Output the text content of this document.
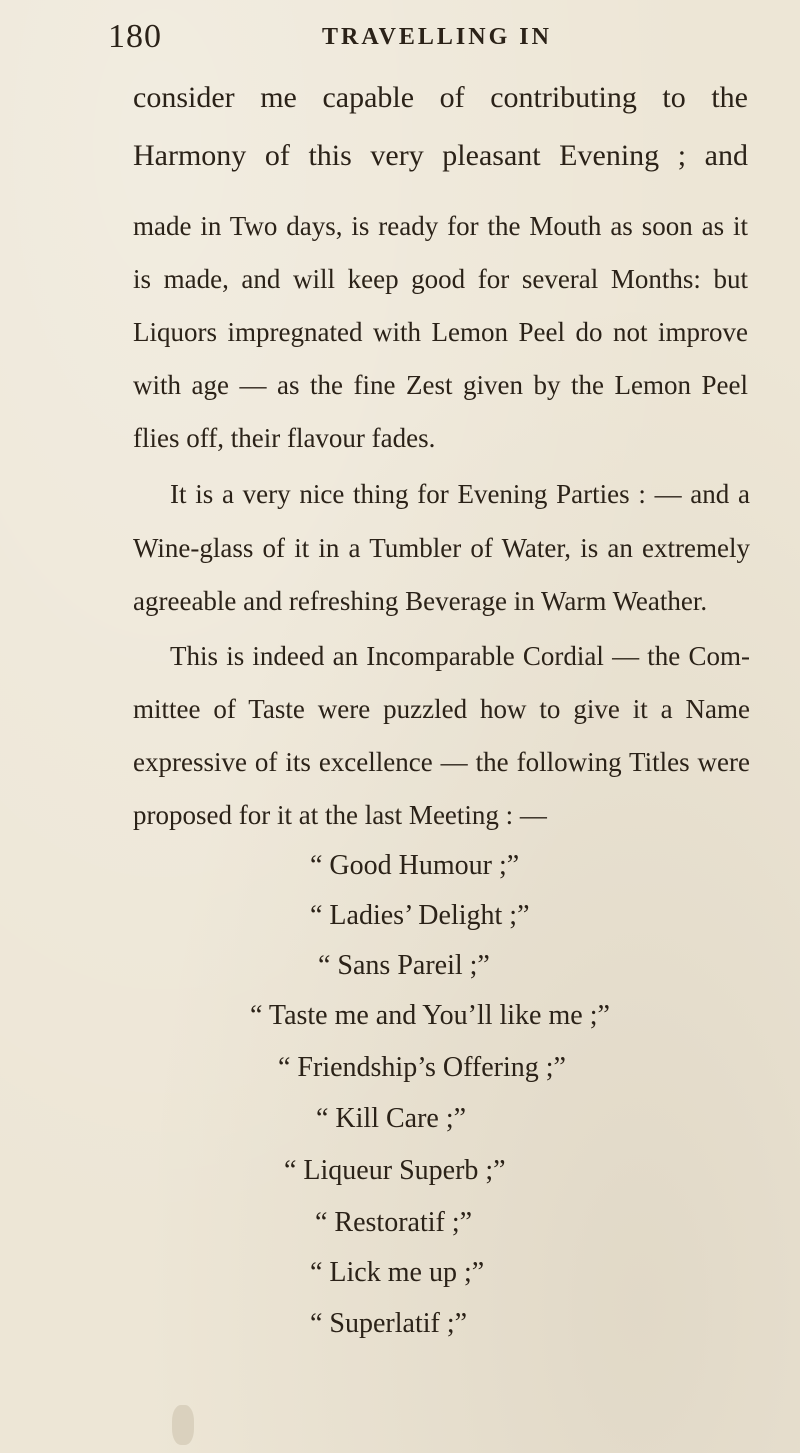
180	TRAVELLING IN
consider me capable of contributing to the
Harmony of this very pleasant Evening ; and
made in Two days, is ready for the Mouth as soon as it
is made, and will keep good for several Months: but
Liquors impregnated with Lemon Peel do not improve
with age — as the fine Zest given by the Lemon Peel
flies off, their flavour fades.
It is a very nice thing for Evening Parties : — and a
Wine-glass of it in a Tumbler of Water, is an extremely
agreeable and refreshing Beverage in Warm Weather.
This is indeed an Incomparable Cordial — the Com-
mittee of Taste were puzzled how to give it a Name
expressive of its excellence — the following Titles were
proposed for it at the last Meeting : —
“ Good Humour ;”
“ Ladies’ Delight ;”
“ Sans Pareil ;”
“ Taste me and You’ll like me ;”
“ Friendship’s Offering ;”
“ Kill Care ;”
“ Liqueur Superb ;”
“ Restoratif ;”
“ Lick me up ;”
“ Superlatif ;”
